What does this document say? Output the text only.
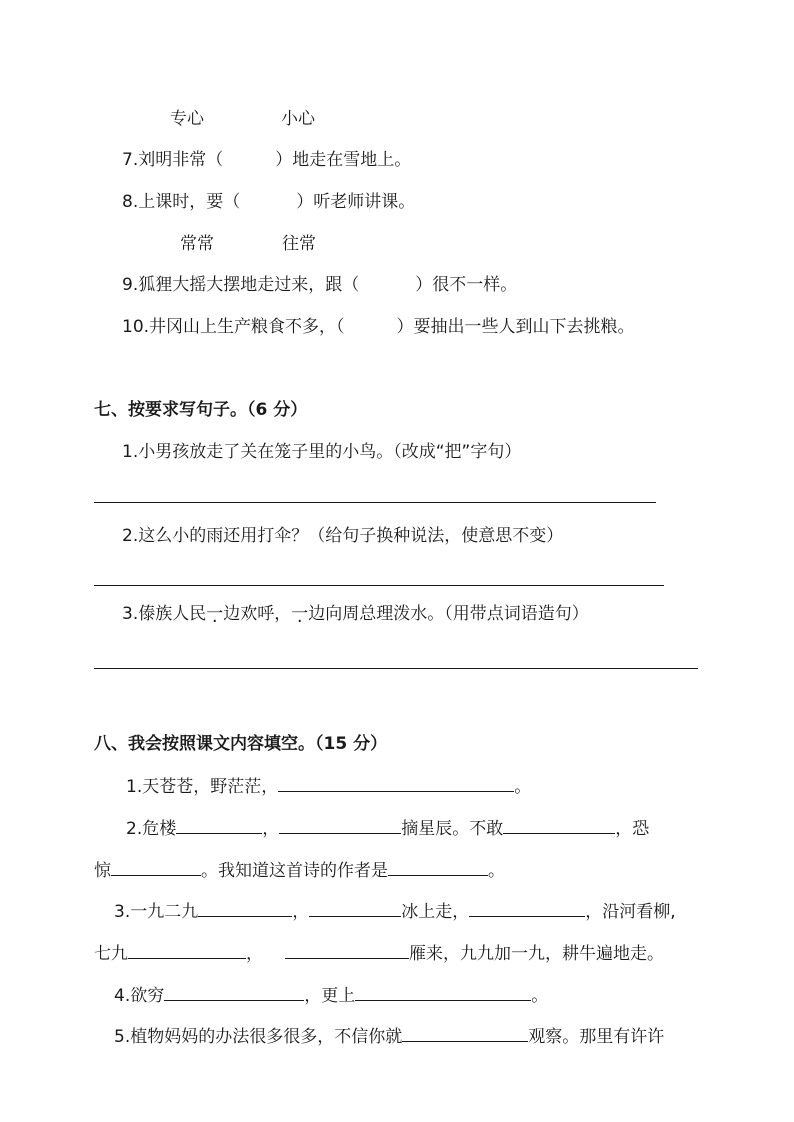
专心	小心
7.刘明非常（	）地走在雪地上。
8.上课时，要（	）听老师讲课。
常常	往常
9.狐狸大摇大摆地走过来，跟（	）很不一样。
10.井冈山上生产粮食不多，（	）要抽出一些人到山下去挑粮。
七、按要求写句子。（6 分）
1.小男孩放走了关在笼子里的小鸟。（改成“把”字句）
2.这么小的雨还用打伞？（给句子换种说法，使意思不变）
3.傣族人民一边欢呼，一边向周总理泼水。（用带点词语造句）
八、我会按照课文内容填空。（15 分）
1.天苍苍，野茫茫，	。
2.危楼	，	摘星辰。不敢	，恐
惊	。我知道这首诗的作者是	。
3.一九二九	，	冰上走，	，沿河看柳,
七九	，	雁来，九九加一九，耕牛遍地走。
4.欲穷	，更上	。
5.植物妈妈的办法很多很多，不信你就	观察。那里有许许
